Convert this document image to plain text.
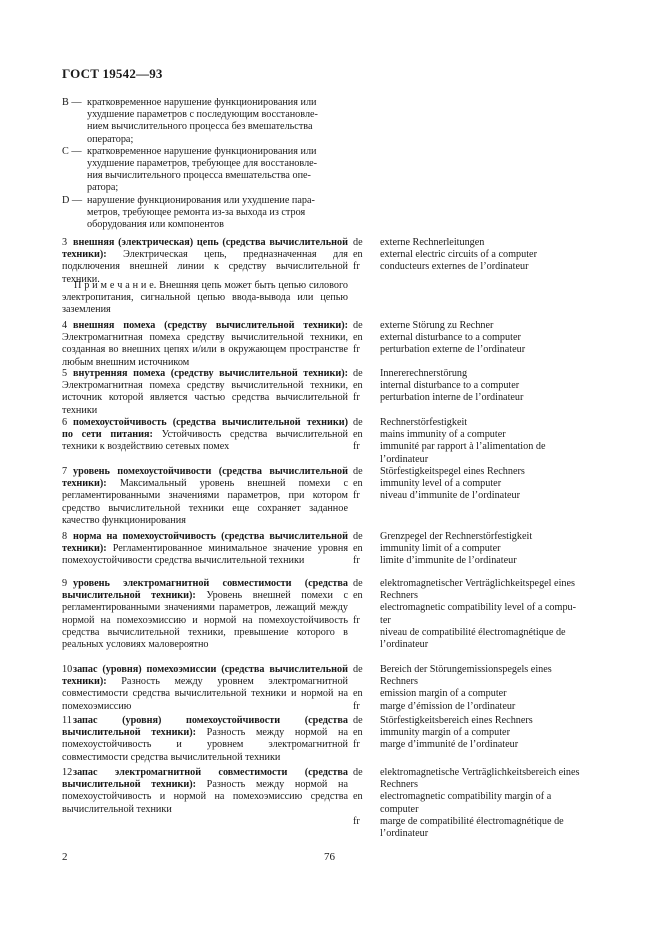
ГОСТ 19542—93
B — кратковременное нарушение функционирования или
ухудшение параметров с последующим восстановле-
нием вычислительного процесса без вмешательства
оператора;
C — кратковременное нарушение функционирования или
ухудшение параметров, требующее для восстановле-
ния вычислительного процесса вмешательства опе-
ратора;
D — нарушение функционирования или ухудшение пара-
метров, требующее ремонта из-за выхода из строя
оборудования или компонентов
3 внешняя (электрическая) цепь (средства вычислительной техники): Электрическая цепь, предназначенная для подключения внешней линии к средству вычислительной техники.
de
en
fr
externe Rechnerleitungen
external electric circuits of a computer
conducteurs externes de l’ordinateur
П р и м е ч а н и е. Внешняя цепь может быть цепью силового электропитания, сигнальной цепью ввода-вывода или цепью заземления
4 внешняя помеха (средству вычислительной техники): Электромагнитная помеха средству вычислительной техники, созданная во внешних цепях и/или в окружающем пространстве любым внешним источником
de
en
fr
externe Störung zu Rechner
external disturbance to a computer
perturbation externe de l’ordinateur
5 внутренняя помеха (средству вычислительной техники): Электромагнитная помеха средству вычислительной техники, источник которой является частью средства вычислительной техники
de
en
fr
Innererechnerstörung
internal disturbance to a computer
perturbation interne de l’ordinateur
6 помехоустойчивость (средства вычислительной техники) по сети питания: Устойчивость средства вычислительной техники к воздействию сетевых помех
de
en
fr
Rechnerstörfestigkeit
mains immunity of a computer
immunité par rapport à l’alimentation de
l’ordinateur
7 уровень помехоустойчивости (средства вычислительной техники): Максимальный уровень внешней помехи с регламентированными значениями параметров, при котором средство вычислительной техники еще сохраняет заданное качество функционирования
de
en
fr
Störfestigkeitspegel eines Rechners
immunity level of a computer
niveau d’immunite de l’ordinateur
8 норма на помехоустойчивость (средства вычислительной техники): Регламентированное минимальное значение уровня помехоустойчивости средства вычислительной техники
de
en
fr
Grenzpegel der Rechnerstörfestigkeit
immunity limit of a computer
limite d’immunite de l’ordinateur
9 уровень электромагнитной совместимости (средства вычислительной техники): Уровень внешней помехи с регламентированными значениями параметров, лежащий между нормой на помехоэмиссию и нормой на помехоустойчивость средства вычислительной техники, превышение которого в реальных условиях маловероятно
de
en
fr
elektromagnetischer Verträglichkeitspegel eines
Rechners
electromagnetic compatibility level of a compu-
ter
niveau de compatibilité électromagnétique de
l’ordinateur
10запас (уровня) помехоэмиссии (средства вычислительной техники): Разность между уровнем электромагнитной совместимости средства вычислительной техники и нормой на помехоэмиссию
de
en
fr
Bereich der Störungemissionspegels eines
Rechners
emission margin of a computer
marge d’émission de l’ordinateur
11запас (уровня) помехоустойчивости (средства вычислительной техники): Разность между нормой на помехоустойчивость и уровнем электромагнитной совместимости средства вычислительной техники
de
en
fr
Störfestigkeitsbereich eines Rechners
immunity margin of a computer
marge d’immunité de l’ordinateur
12запас электромагнитной совместимости (средства вычислительной техники): Разность между нормой на помехоустойчивость и нормой на помехоэмиссию средства вычислительной техники
de
en
fr
elektromagnetische Verträglichkeitsbereich eines
Rechners
electromagnetic compatibility margin of a
computer
marge de compatibilité électromagnétique de
l’ordinateur
2	76
